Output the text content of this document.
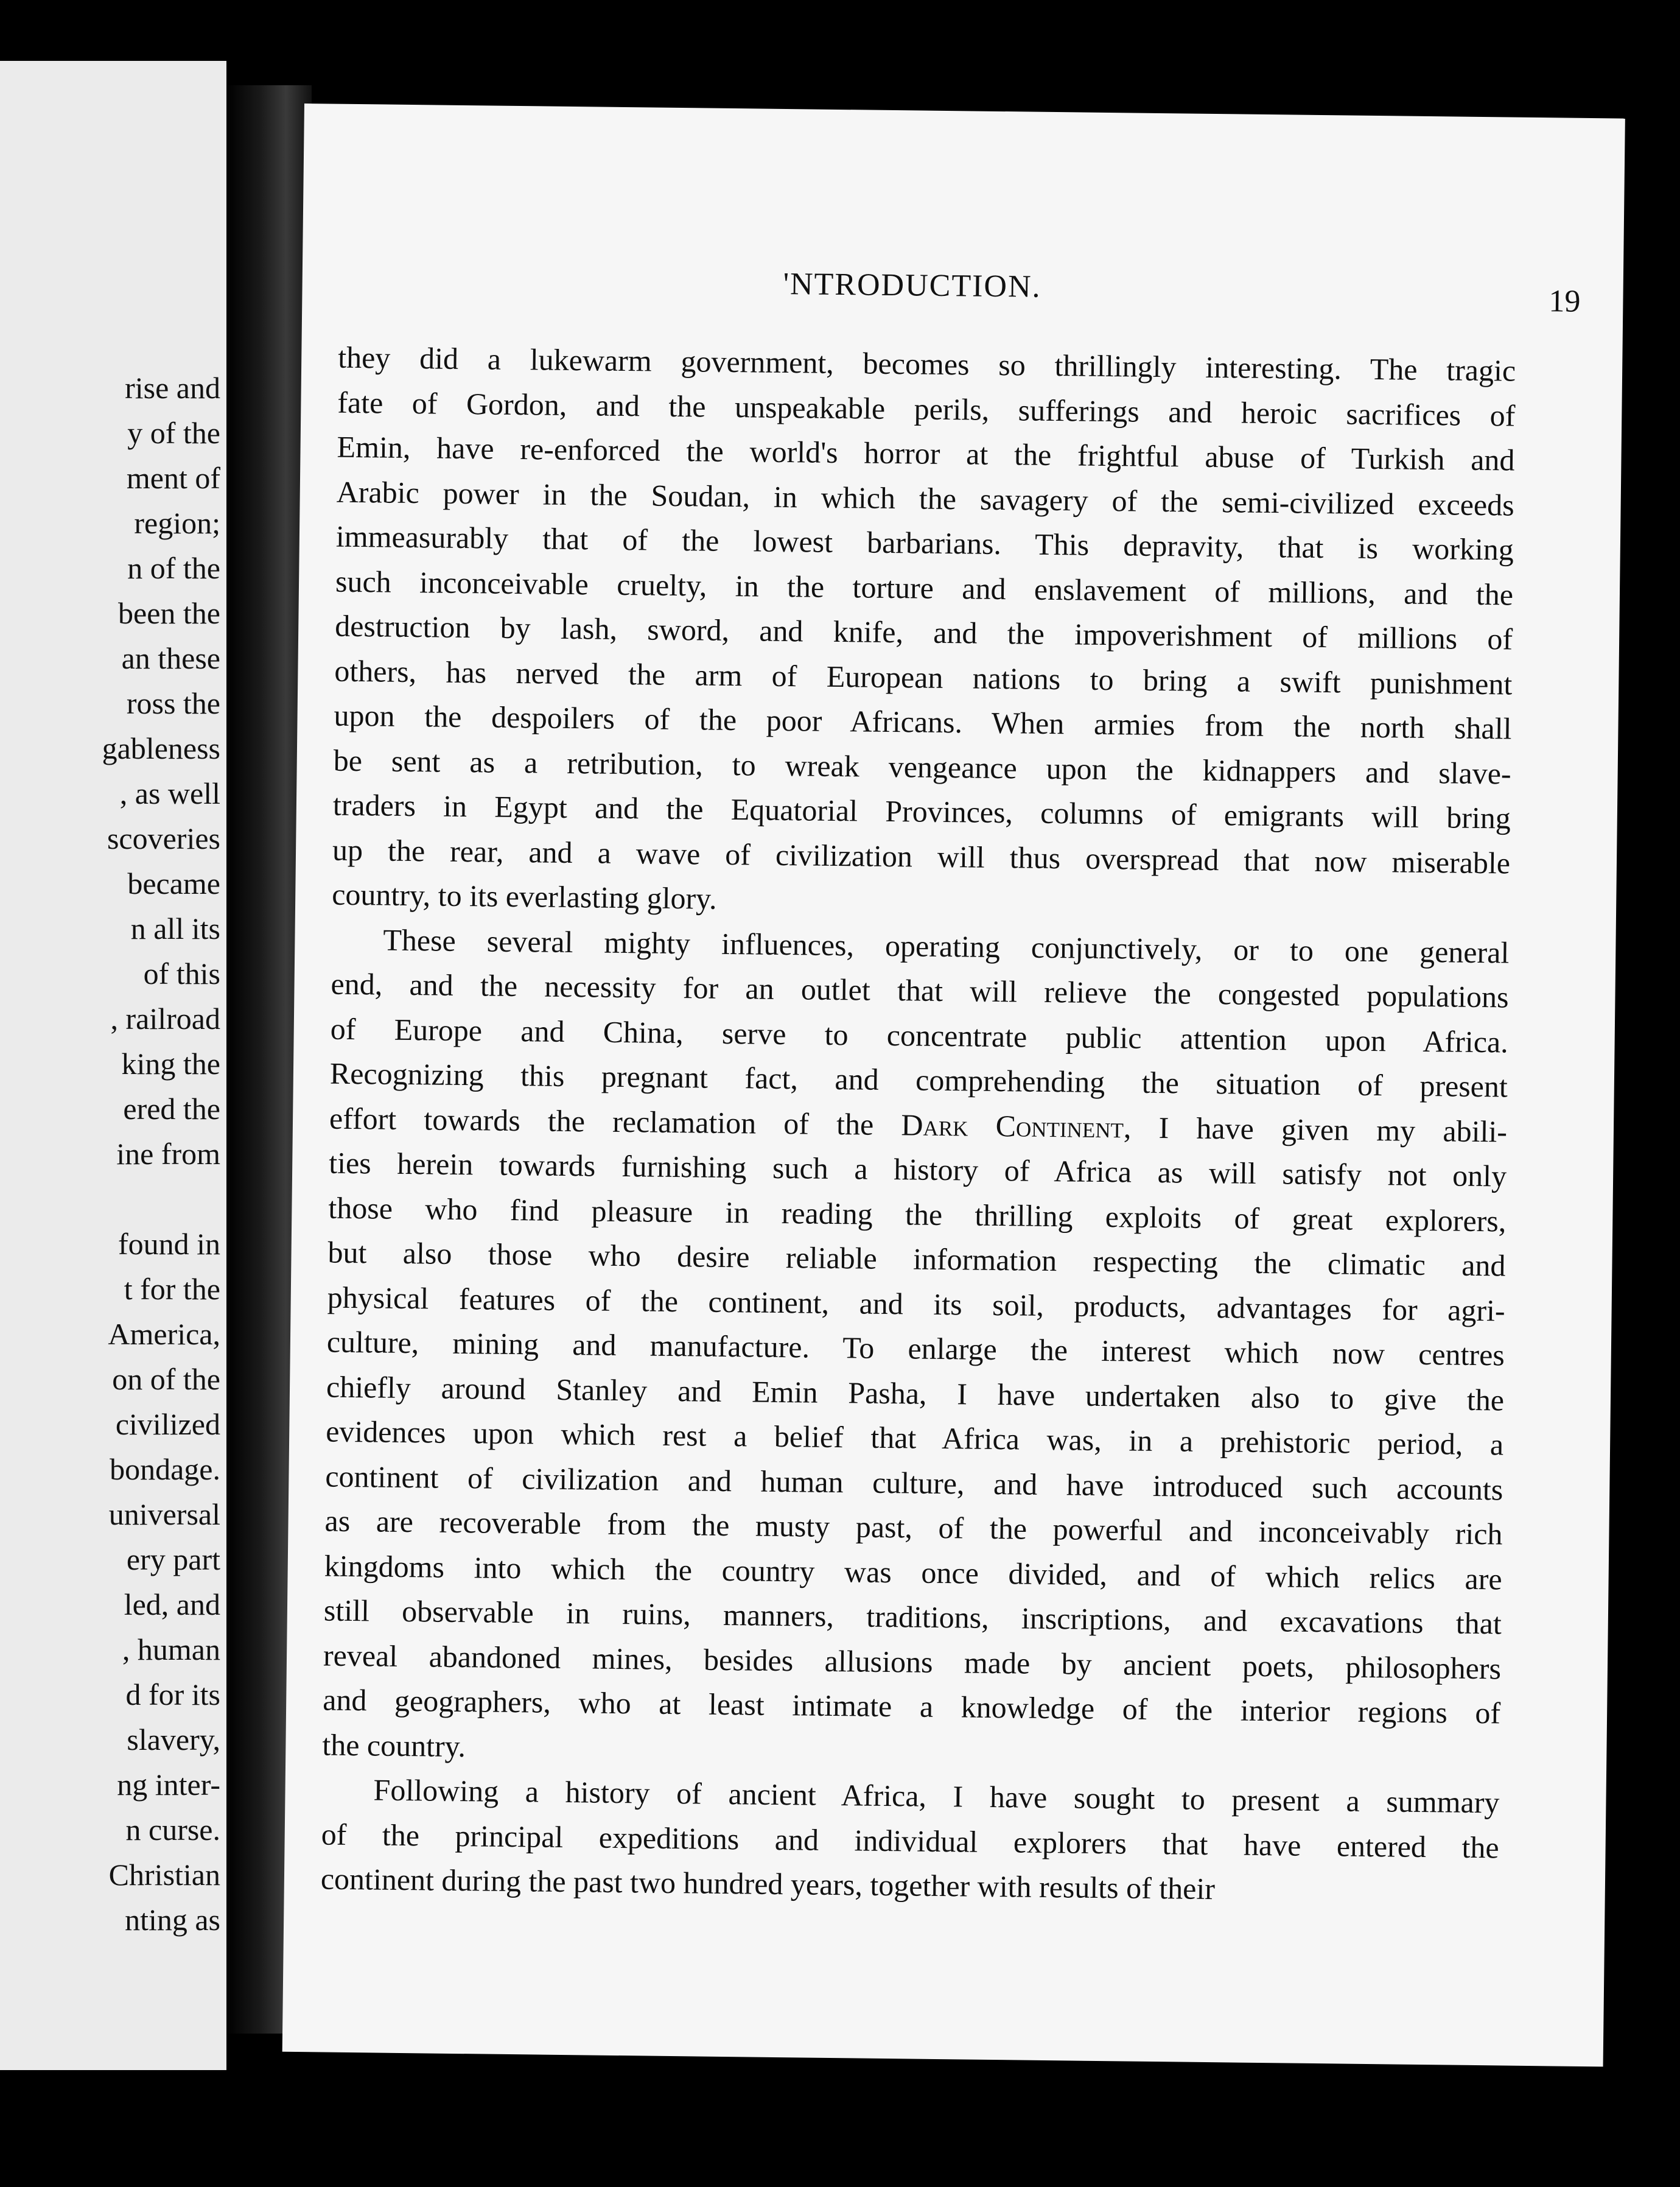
rise and
y of the
ment of
region;
n of the
been the
an these
ross the
gableness
, as well
scoveries
became
n all its
of this
, railroad
king the
ered the
ine from
found in
t for the
America,
on of the
civilized
bondage.
universal
ery part
led, and
, human
d for its
slavery,
ng inter-
n curse.
Christian
nting as
'NTRODUCTION.	19
they did a lukewarm government, becomes so thrillingly interesting. The tragic
fate of Gordon, and the unspeakable perils, sufferings and heroic sacrifices of
Emin, have re-enforced the world's horror at the frightful abuse of Turkish and
Arabic power in the Soudan, in which the savagery of the semi-civilized exceeds
immeasurably that of the lowest barbarians. This depravity, that is working
such inconceivable cruelty, in the torture and enslavement of millions, and the
destruction by lash, sword, and knife, and the impoverishment of millions of
others, has nerved the arm of European nations to bring a swift punishment
upon the despoilers of the poor Africans. When armies from the north shall
be sent as a retribution, to wreak vengeance upon the kidnappers and slave-
traders in Egypt and the Equatorial Provinces, columns of emigrants will bring
up the rear, and a wave of civilization will thus overspread that now miserable
country, to its everlasting glory.
These several mighty influences, operating conjunctively, or to one general
end, and the necessity for an outlet that will relieve the congested populations
of Europe and China, serve to concentrate public attention upon Africa.
Recognizing this pregnant fact, and comprehending the situation of present
effort towards the reclamation of the Dark Continent, I have given my abili-
ties herein towards furnishing such a history of Africa as will satisfy not only
those who find pleasure in reading the thrilling exploits of great explorers,
but also those who desire reliable information respecting the climatic and
physical features of the continent, and its soil, products, advantages for agri-
culture, mining and manufacture. To enlarge the interest which now centres
chiefly around Stanley and Emin Pasha, I have undertaken also to give the
evidences upon which rest a belief that Africa was, in a prehistoric period, a
continent of civilization and human culture, and have introduced such accounts
as are recoverable from the musty past, of the powerful and inconceivably rich
kingdoms into which the country was once divided, and of which relics are
still observable in ruins, manners, traditions, inscriptions, and excavations that
reveal abandoned mines, besides allusions made by ancient poets, philosophers
and geographers, who at least intimate a knowledge of the interior regions of
the country.
Following a history of ancient Africa, I have sought to present a summary
of the principal expeditions and individual explorers that have entered the
continent during the past two hundred years, together with results of their
